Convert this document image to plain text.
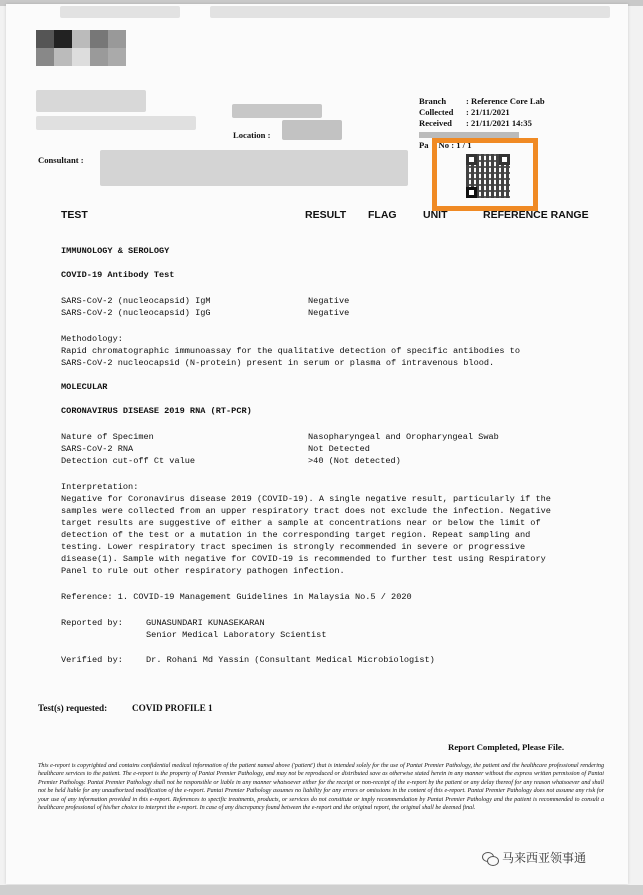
Location :
Consultant :
Branch : Reference Core Lab
Collected : 21/11/2021
Received : 21/11/2021 14:35
Pa No : 1 / 1
TEST	RESULT FLAG	UNIT	REFERENCE RANGE
IMMUNOLOGY & SEROLOGY
COVID-19 Antibody Test
SARS-CoV-2 (nucleocapsid) IgM	Negative
SARS-CoV-2 (nucleocapsid) IgG	Negative
Methodology:
Rapid chromatographic immunoassay for the qualitative detection of specific antibodies to
SARS-CoV-2 nucleocapsid (N-protein) present in serum or plasma of intravenous blood.
MOLECULAR
CORONAVIRUS DISEASE 2019 RNA (RT-PCR)
Nature of Specimen	Nasopharyngeal and Oropharyngeal Swab
SARS-CoV-2 RNA	Not Detected
Detection cut-off Ct value	>40 (Not detected)
Interpretation:
Negative for Coronavirus disease 2019 (COVID-19). A single negative result, particularly if the
samples were collected from an upper respiratory tract does not exclude the infection. Negative
target results are suggestive of either a sample at concentrations near or below the limit of
detection of the test or a mutation in the corresponding target region. Repeat sampling and
testing. Lower respiratory tract specimen is strongly recommended in severe or progressive
disease(1). Sample with negative for COVID-19 is recommended to further test using Respiratory
Panel to rule out other respiratory pathogen infection.
Reference: 1. COVID-19 Management Guidelines in Malaysia No.5 / 2020
Reported by:	GUNASUNDARI KUNASEKARAN
Senior Medical Laboratory Scientist
Verified by:	Dr. Rohani Md Yassin (Consultant Medical Microbiologist)
Test(s) requested:	COVID PROFILE 1
Report Completed, Please File.
This e-report is copyrighted and contains confidential medical information of the patient named above ('patient') that is intended solely for the use of Pantai Premier Pathology, the patient and the healthcare professional rendering healthcare services to the patient. The e-report is the property of Pantai Premier Pathology, and may not be reproduced or distributed save as otherwise stated herein in any manner without the express written permission of Pantai Premier Pathology. Pantai Premier Pathology shall not be responsible or liable in any manner whatsoever either for the receipt or non-receipt of the e-report by the patient or any delay thereof for any reason whatsoever and shall not be held liable for any unauthorized modification of the e-report. Pantai Premier Pathology assumes no liability for any errors or omissions in the content of this e-report. Pantai Premier Pathology does not assume any risk for your use of any information provided in this e-report. References to specific treatments, products, or services do not constitute or imply recommendation by Pantai Premier Pathology and the patient is recommended to consult a healthcare professional of his/her choice to interpret the e-report. In case of any discrepancy found between the e-report and the original report, the original shall be deemed final.
马来西亚领事通
